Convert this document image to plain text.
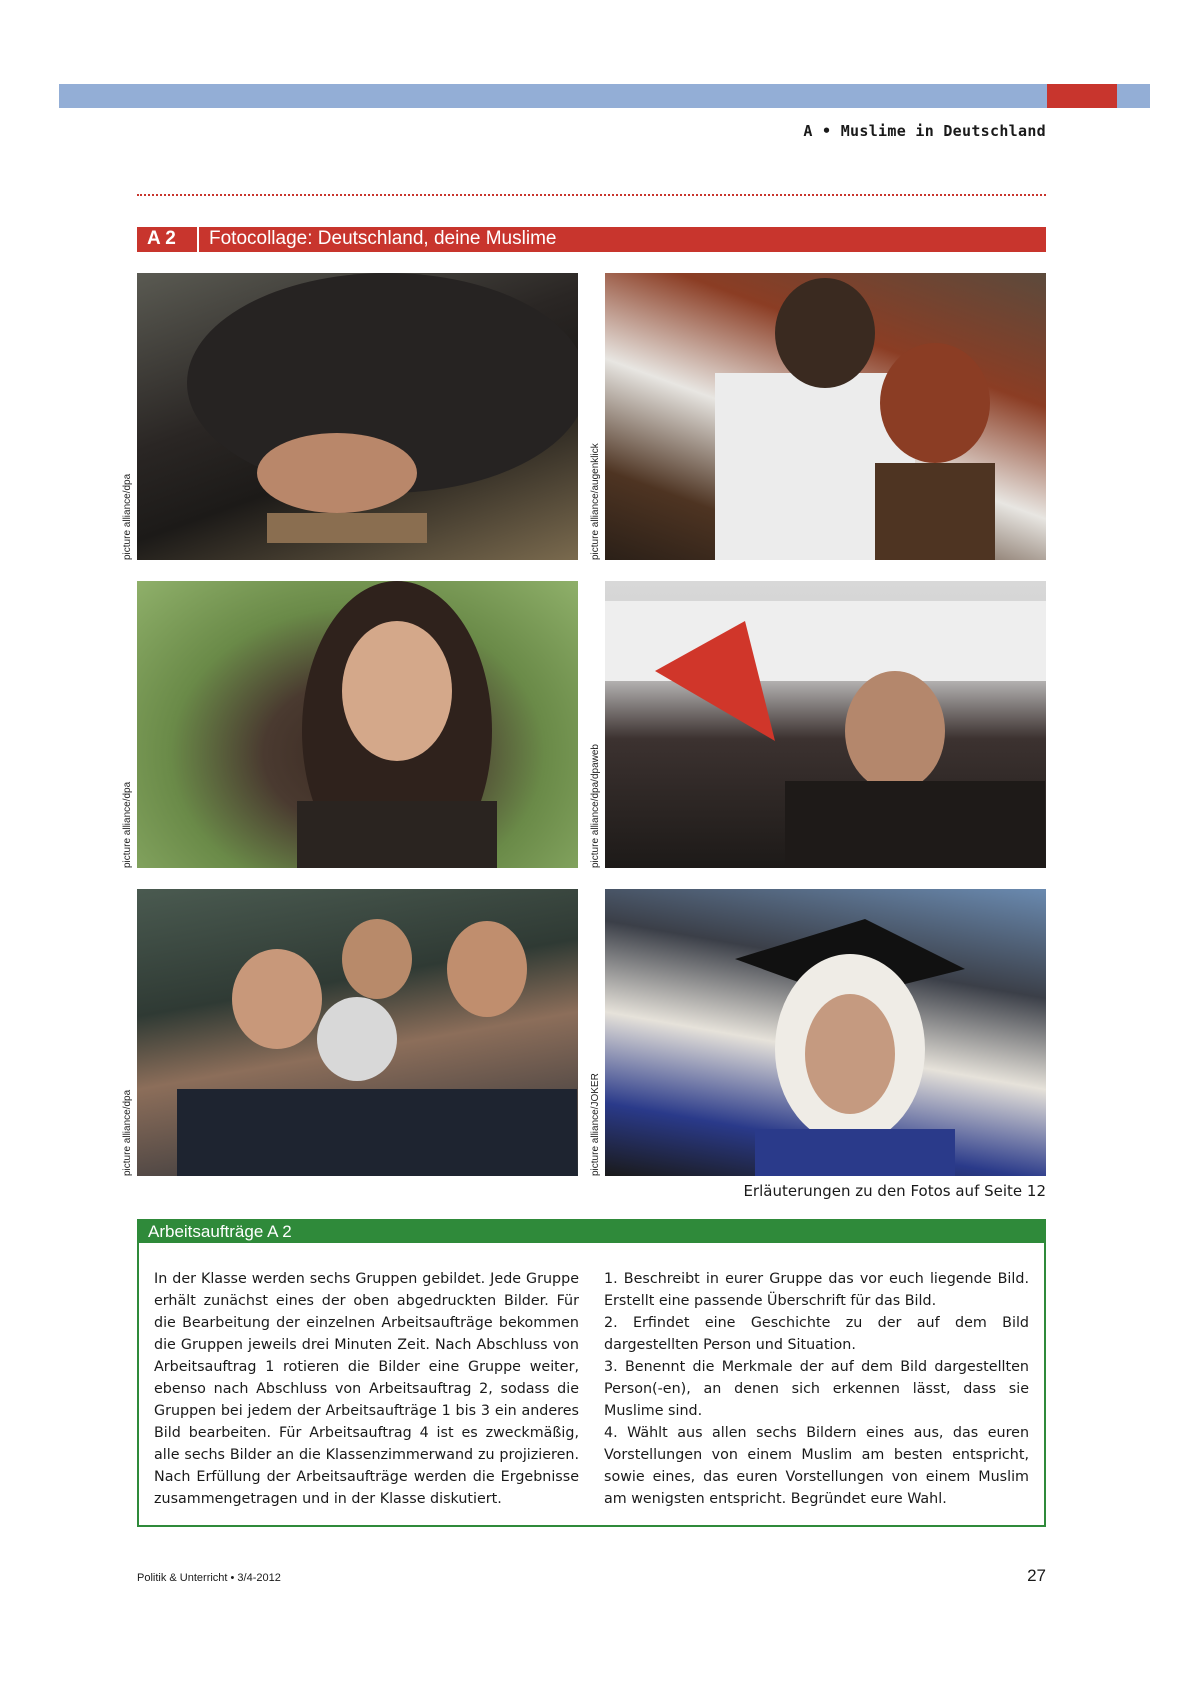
A • Muslime in Deutschland
A 2 Fotocollage: Deutschland, deine Muslime
picture alliance/dpa	picture alliance/augenklick
picture alliance/dpa	picture alliance/dpa/dpaweb
picture alliance/dpa	picture alliance/JOKER
Erläuterungen zu den Fotos auf Seite 12
Arbeitsaufträge A 2

In der Klasse werden sechs Gruppen gebildet. Jede Gruppe erhält zunächst eines der oben abgedruckten Bilder. Für die Bearbeitung der einzelnen Arbeitsaufträge bekommen die Gruppen jeweils drei Minuten Zeit. Nach Abschluss von Arbeitsauftrag 1 rotieren die Bilder eine Gruppe weiter, ebenso nach Abschluss von Arbeitsauftrag 2, sodass die Gruppen bei jedem der Arbeitsaufträge 1 bis 3 ein anderes Bild bearbeiten. Für Arbeitsauftrag 4 ist es zweckmäßig, alle sechs Bilder an die Klassenzimmerwand zu projizieren. Nach Erfüllung der Arbeitsaufträge werden die Ergebnisse zusammengetragen und in der Klasse diskutiert.

1. Beschreibt in eurer Gruppe das vor euch liegende Bild. Erstellt eine passende Überschrift für das Bild.

2. Erfindet eine Geschichte zu der auf dem Bild dargestellten Person und Situation.

3. Benennt die Merkmale der auf dem Bild dargestellten Person(-en), an denen sich erkennen lässt, dass sie Muslime sind.

4. Wählt aus allen sechs Bildern eines aus, das euren Vorstellungen von einem Muslim am besten entspricht, sowie eines, das euren Vorstellungen von einem Muslim am wenigsten entspricht. Begründet eure Wahl.

Politik & Unterricht • 3/4-2012	27
